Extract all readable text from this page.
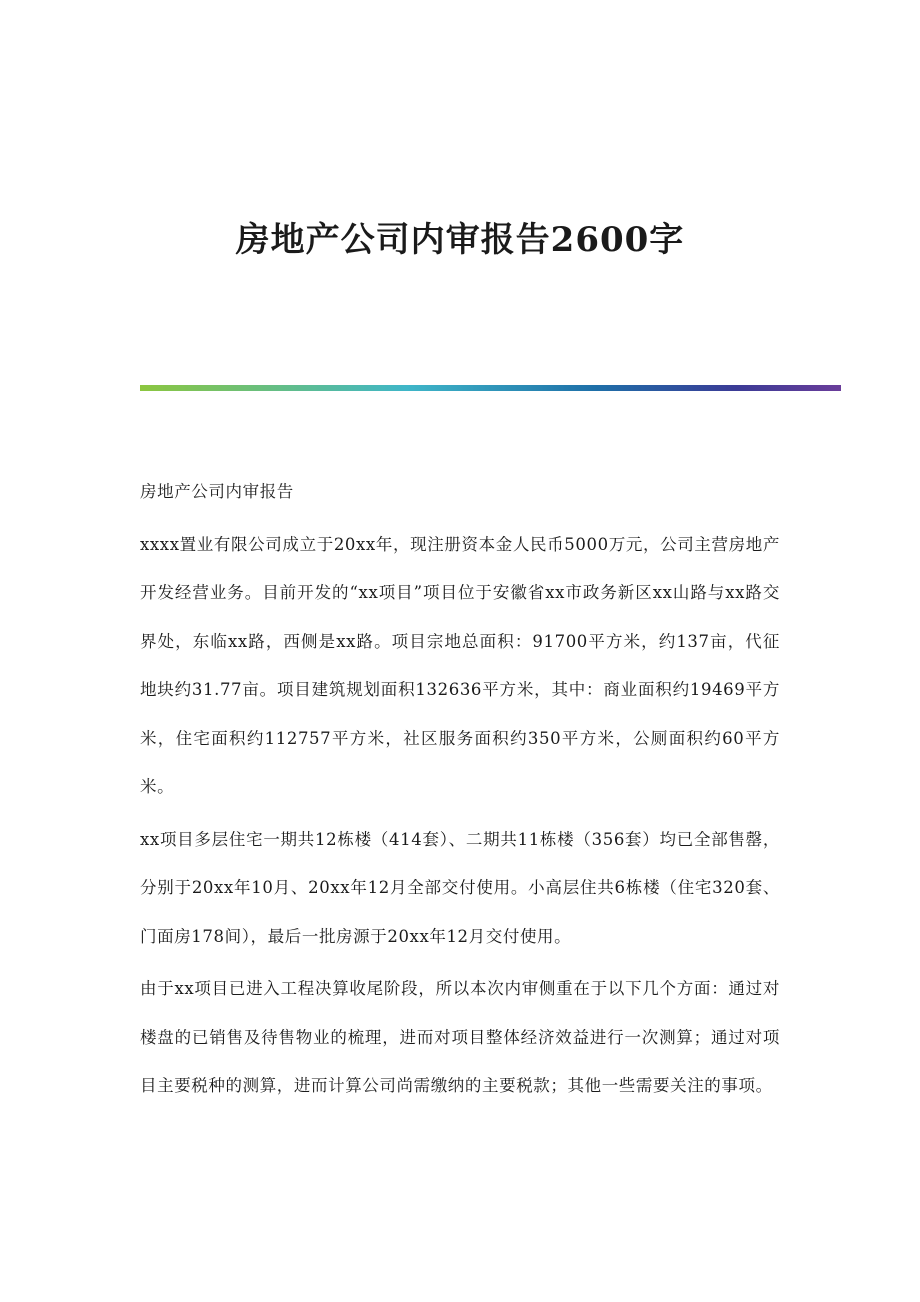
房地产公司内审报告2600字

房地产公司内审报告

xxxx置业有限公司成立于20xx年，现注册资本金人民币5000万元，公司主营房地产开发经营业务。目前开发的“xx项目”项目位于安徽省xx市政务新区xx山路与xx路交界处，东临xx路，西侧是xx路。项目宗地总面积：91700平方米，约137亩，代征地块约31.77亩。项目建筑规划面积132636平方米，其中：商业面积约19469平方米，住宅面积约112757平方米，社区服务面积约350平方米，公厕面积约60平方米。

xx项目多层住宅一期共12栋楼（414套）、二期共11栋楼（356套）均已全部售罄，分别于20xx年10月、20xx年12月全部交付使用。小高层住共6栋楼（住宅320套、门面房178间），最后一批房源于20xx年12月交付使用。

由于xx项目已进入工程决算收尾阶段，所以本次内审侧重在于以下几个方面：通过对楼盘的已销售及待售物业的梳理，进而对项目整体经济效益进行一次测算；通过对项目主要税种的测算，进而计算公司尚需缴纳的主要税款；其他一些需要关注的事项。
